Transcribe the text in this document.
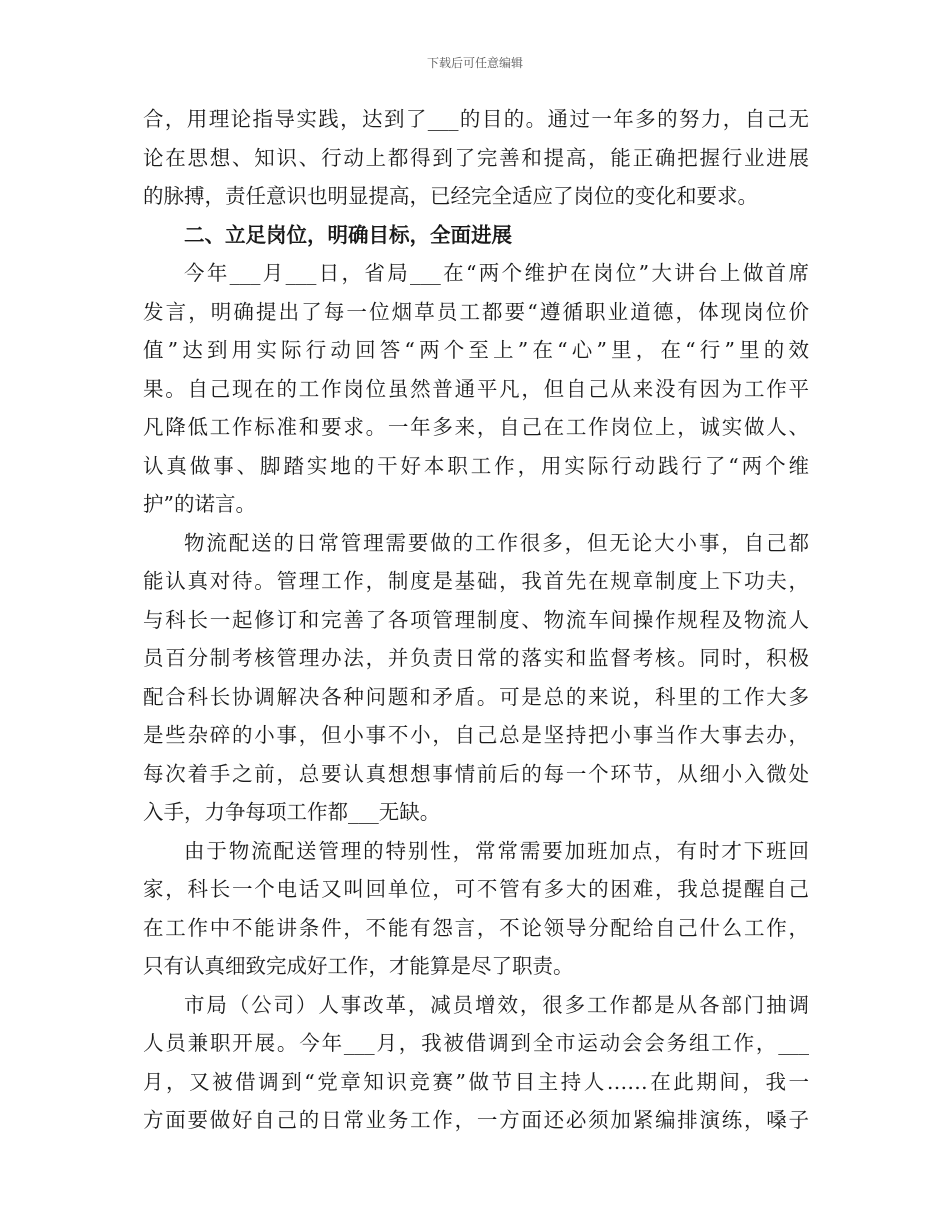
下载后可任意编辑
合，用理论指导实践，达到了___的目的。通过一年多的努力，自己无
论在思想、知识、行动上都得到了完善和提高，能正确把握行业进展
的脉搏，责任意识也明显提高，已经完全适应了岗位的变化和要求。
二、立足岗位，明确目标，全面进展
今年___月___日，省局___在“两个维护在岗位”大讲台上做首席
发言，明确提出了每一位烟草员工都要“遵循职业道德，体现岗位价
值”达到用实际行动回答“两个至上”在“心”里，在“行”里的效
果。自己现在的工作岗位虽然普通平凡，但自己从来没有因为工作平
凡降低工作标准和要求。一年多来，自己在工作岗位上，诚实做人、
认真做事、脚踏实地的干好本职工作，用实际行动践行了“两个维
护”的诺言。
物流配送的日常管理需要做的工作很多，但无论大小事，自己都
能认真对待。管理工作，制度是基础，我首先在规章制度上下功夫，
与科长一起修订和完善了各项管理制度、物流车间操作规程及物流人
员百分制考核管理办法，并负责日常的落实和监督考核。同时，积极
配合科长协调解决各种问题和矛盾。可是总的来说，科里的工作大多
是些杂碎的小事，但小事不小，自己总是坚持把小事当作大事去办，
每次着手之前，总要认真想想事情前后的每一个环节，从细小入微处
入手，力争每项工作都___无缺。
由于物流配送管理的特别性，常常需要加班加点，有时才下班回
家，科长一个电话又叫回单位，可不管有多大的困难，我总提醒自己
在工作中不能讲条件，不能有怨言，不论领导分配给自己什么工作，
只有认真细致完成好工作，才能算是尽了职责。
市局（公司）人事改革，减员增效，很多工作都是从各部门抽调
人员兼职开展。今年___月，我被借调到全市运动会会务组工作，___
月，又被借调到“党章知识竞赛”做节目主持人……在此期间，我一
方面要做好自己的日常业务工作，一方面还必须加紧编排演练，嗓子
